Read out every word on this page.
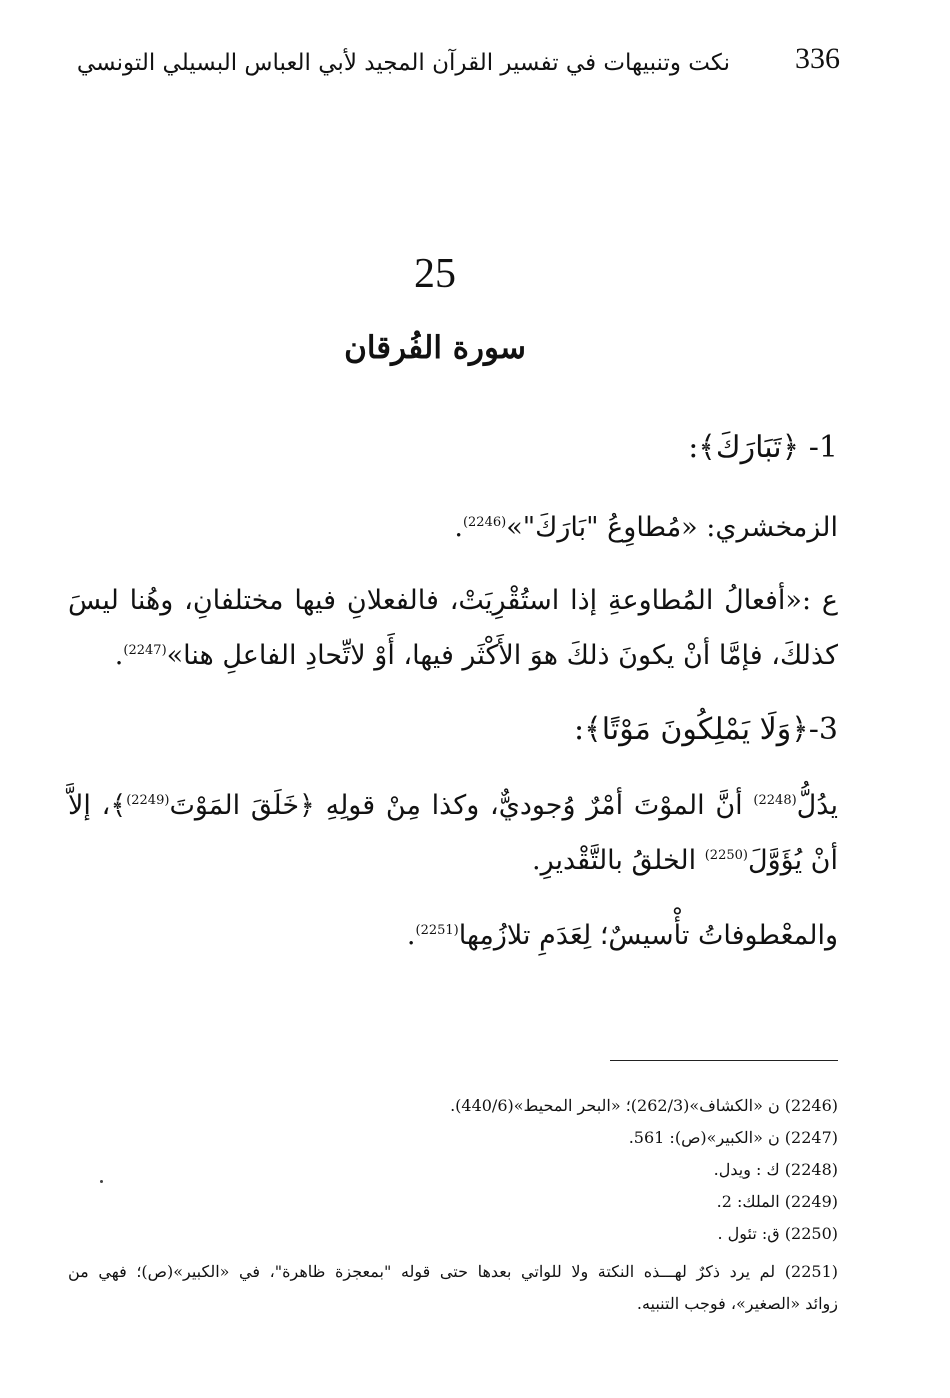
336
نكت وتنبيهات في تفسير القرآن المجيد لأبي العباس البسيلي التونسي
25
سورة الفُرقان
1- ﴿تَبَارَكَ﴾:
الزمخشري: «مُطاوِعُ "بَارَكَ"»$^{(2246)}$.
ع :«أفعالُ المُطاوعةِ إذا استُقْرِيَتْ، فالفعلانِ فيها مختلفانِ، وهُنا ليسَ
كذلكَ، فإمَّا أنْ يكونَ ذلكَ هوَ الأَكْثَر فيها، أَوْ لاتِّحادِ الفاعلِ هنا»$^{(2247)}$.
3-﴿وَلَا يَمْلِكُونَ مَوْتًا﴾:
يدُلُّ$^{(2248)}$ أنَّ الموْتَ أمْرٌ وُجوديٌّ، وكذا مِنْ قولِهِ ﴿خَلَقَ المَوْتَ$^{(2249)}$﴾، إلاَّ
أنْ يُؤَوَّلَ$^{(2250)}$ الخلقُ بالتَّقْديرِ.
والمعْطوفاتُ تأْسيسٌ؛ لِعَدَمِ تلازُمِها$^{(2251)}$.
(2246) ن «الكشاف»(262/3)؛ «البحر المحيط»(440/6).
(2247) ن «الكبير»(ص): 561.
(2248) ك : ويدل.
(2249) الملك: 2.
(2250) ق: تئول .
(2251) لم يرد ذكرٌ لهـــذه النكتة ولا للواتي بعدها حتى قوله "بمعجزة ظاهرة"، في «الكبير»(ص)؛ فهي من
زوائد «الصغير»، فوجب التنبيه.
